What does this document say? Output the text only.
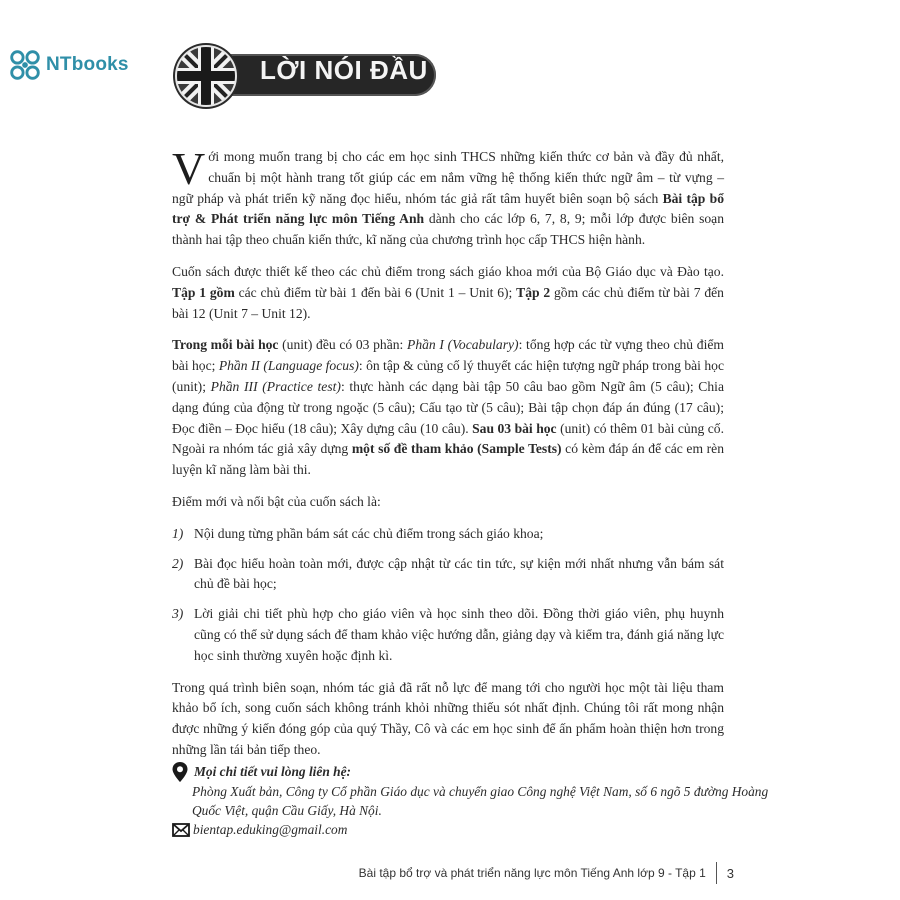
NTbooks	LỜI NÓI ĐẦU

Với mong muốn trang bị cho các em học sinh THCS những kiến thức cơ bản và đầy đủ nhất, chuẩn bị một hành trang tốt giúp các em nắm vững hệ thống kiến thức ngữ âm – từ vựng – ngữ pháp và phát triển kỹ năng đọc hiểu, nhóm tác giả rất tâm huyết biên soạn bộ sách Bài tập bổ trợ & Phát triển năng lực môn Tiếng Anh dành cho các lớp 6, 7, 8, 9; mỗi lớp được biên soạn thành hai tập theo chuẩn kiến thức, kĩ năng của chương trình học cấp THCS hiện hành.

Cuốn sách được thiết kế theo các chủ điểm trong sách giáo khoa mới của Bộ Giáo dục và Đào tạo. Tập 1 gồm các chủ điểm từ bài 1 đến bài 6 (Unit 1 – Unit 6); Tập 2 gồm các chủ điểm từ bài 7 đến bài 12 (Unit 7 – Unit 12).

Trong mỗi bài học (unit) đều có 03 phần: Phần I (Vocabulary): tổng hợp các từ vựng theo chủ điểm bài học; Phần II (Language focus): ôn tập & củng cố lý thuyết các hiện tượng ngữ pháp trong bài học (unit); Phần III (Practice test): thực hành các dạng bài tập 50 câu bao gồm Ngữ âm (5 câu); Chia dạng đúng của động từ trong ngoặc (5 câu); Cấu tạo từ (5 câu); Bài tập chọn đáp án đúng (17 câu); Đọc điền – Đọc hiểu (18 câu); Xây dựng câu (10 câu). Sau 03 bài học (unit) có thêm 01 bài củng cố. Ngoài ra nhóm tác giả xây dựng một số đề tham khảo (Sample Tests) có kèm đáp án để các em rèn luyện kĩ năng làm bài thi.

Điểm mới và nổi bật của cuốn sách là:

1) Nội dung từng phần bám sát các chủ điểm trong sách giáo khoa;
2) Bài đọc hiểu hoàn toàn mới, được cập nhật từ các tin tức, sự kiện mới nhất nhưng vẫn bám sát chủ đề bài học;
3) Lời giải chi tiết phù hợp cho giáo viên và học sinh theo dõi. Đồng thời giáo viên, phụ huynh cũng có thể sử dụng sách để tham khảo việc hướng dẫn, giảng dạy và kiểm tra, đánh giá năng lực học sinh thường xuyên hoặc định kì.

Trong quá trình biên soạn, nhóm tác giả đã rất nỗ lực để mang tới cho người học một tài liệu tham khảo bổ ích, song cuốn sách không tránh khỏi những thiếu sót nhất định. Chúng tôi rất mong nhận được những ý kiến đóng góp của quý Thầy, Cô và các em học sinh để ấn phẩm hoàn thiện hơn trong những lần tái bản tiếp theo.

Mọi chi tiết vui lòng liên hệ:
Phòng Xuất bản, Công ty Cổ phần Giáo dục và chuyển giao Công nghệ Việt Nam, số 6 ngõ 5 đường Hoàng Quốc Việt, quận Cầu Giấy, Hà Nội.
bientap.eduking@gmail.com
Bài tập bổ trợ và phát triển năng lực môn Tiếng Anh lớp 9 - Tập 1 3
